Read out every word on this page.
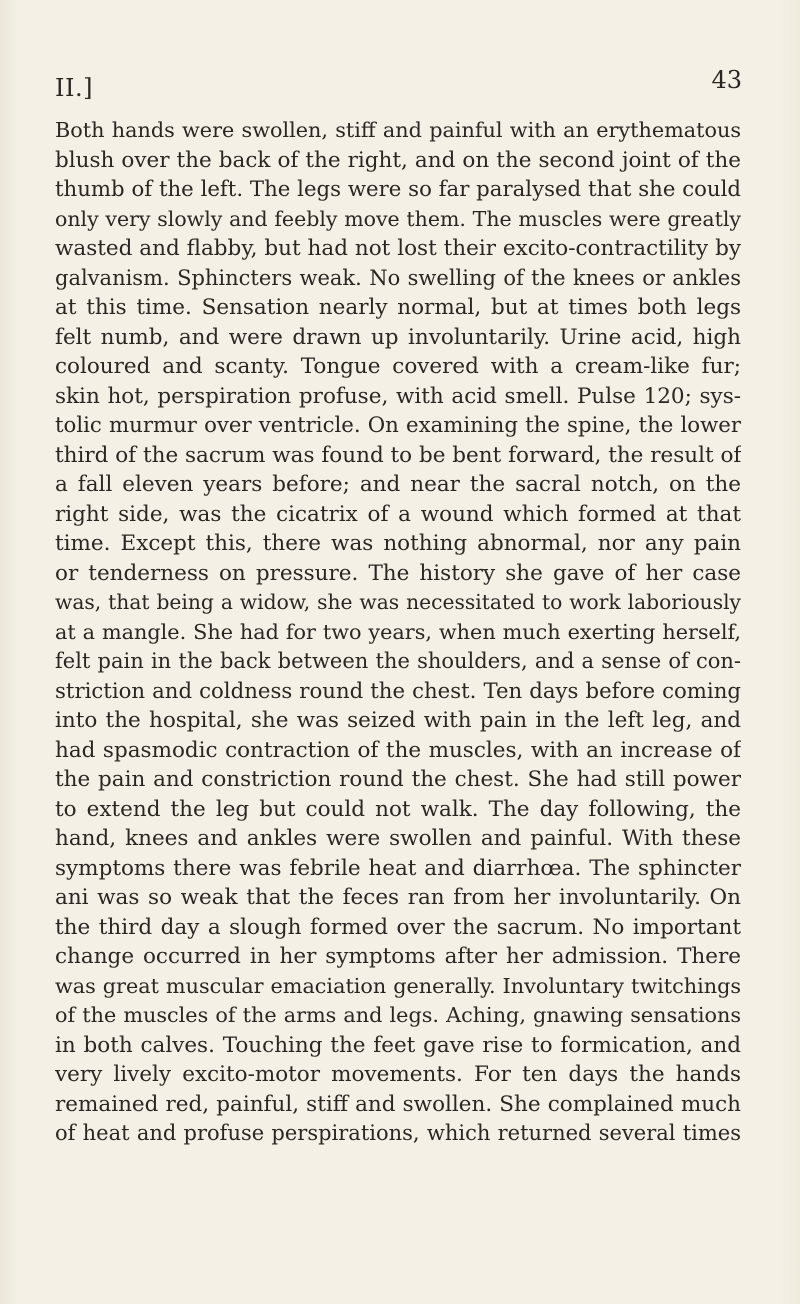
II.]	43
Both hands were swollen, stiff and painful with an erythematous
blush over the back of the right, and on the second joint of the
thumb of the left. The legs were so far paralysed that she could
only very slowly and feebly move them. The muscles were greatly
wasted and flabby, but had not lost their excito-contractility by
galvanism. Sphincters weak. No swelling of the knees or ankles
at this time. Sensation nearly normal, but at times both legs
felt numb, and were drawn up involuntarily. Urine acid, high
coloured and scanty. Tongue covered with a cream-like fur;
skin hot, perspiration profuse, with acid smell. Pulse 120; sys-
tolic murmur over ventricle. On examining the spine, the lower
third of the sacrum was found to be bent forward, the result of
a fall eleven years before; and near the sacral notch, on the
right side, was the cicatrix of a wound which formed at that
time. Except this, there was nothing abnormal, nor any pain
or tenderness on pressure. The history she gave of her case
was, that being a widow, she was necessitated to work laboriously
at a mangle. She had for two years, when much exerting herself,
felt pain in the back between the shoulders, and a sense of con-
striction and coldness round the chest. Ten days before coming
into the hospital, she was seized with pain in the left leg, and
had spasmodic contraction of the muscles, with an increase of
the pain and constriction round the chest. She had still power
to extend the leg but could not walk. The day following, the
hand, knees and ankles were swollen and painful. With these
symptoms there was febrile heat and diarrhœa. The sphincter
ani was so weak that the feces ran from her involuntarily. On
the third day a slough formed over the sacrum. No important
change occurred in her symptoms after her admission. There
was great muscular emaciation generally. Involuntary twitchings
of the muscles of the arms and legs. Aching, gnawing sensations
in both calves. Touching the feet gave rise to formication, and
very lively excito-motor movements. For ten days the hands
remained red, painful, stiff and swollen. She complained much
of heat and profuse perspirations, which returned several times
